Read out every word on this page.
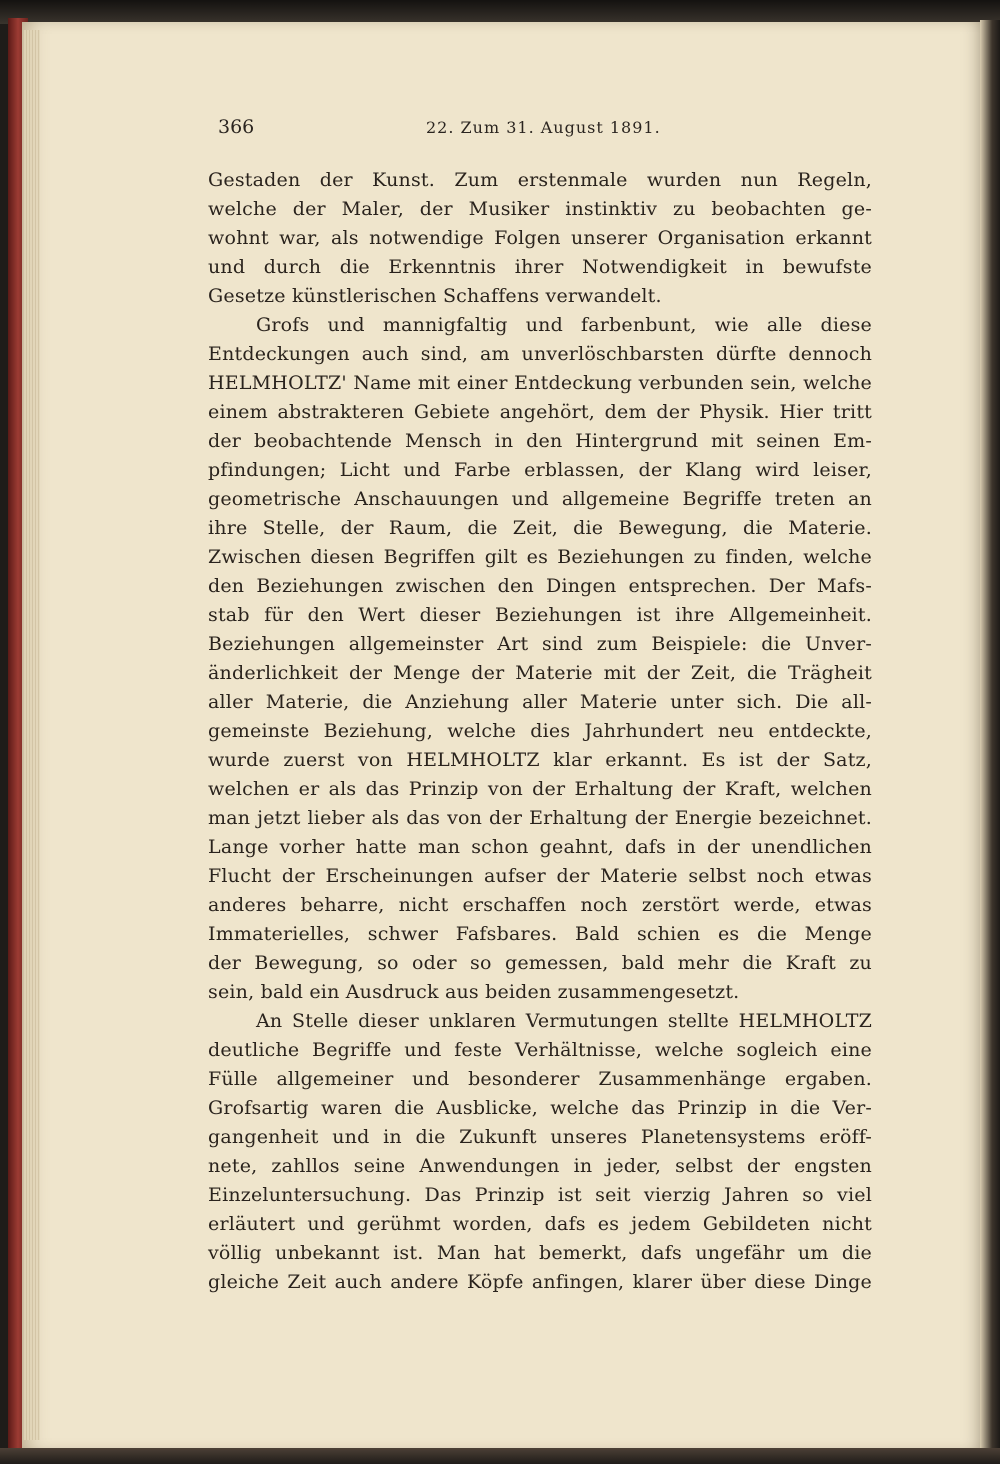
366	22. Zum 31. August 1891.
Gestaden der Kunst. Zum erstenmale wurden nun Regeln,
welche der Maler, der Musiker instinktiv zu beobachten ge-
wohnt war, als notwendige Folgen unserer Organisation erkannt
und durch die Erkenntnis ihrer Notwendigkeit in bewufste
Gesetze künstlerischen Schaffens verwandelt.
Grofs und mannigfaltig und farbenbunt, wie alle diese
Entdeckungen auch sind, am unverlöschbarsten dürfte dennoch
HELMHOLTZ' Name mit einer Entdeckung verbunden sein, welche
einem abstrakteren Gebiete angehört, dem der Physik. Hier tritt
der beobachtende Mensch in den Hintergrund mit seinen Em-
pfindungen; Licht und Farbe erblassen, der Klang wird leiser,
geometrische Anschauungen und allgemeine Begriffe treten an
ihre Stelle, der Raum, die Zeit, die Bewegung, die Materie.
Zwischen diesen Begriffen gilt es Beziehungen zu finden, welche
den Beziehungen zwischen den Dingen entsprechen. Der Mafs-
stab für den Wert dieser Beziehungen ist ihre Allgemeinheit.
Beziehungen allgemeinster Art sind zum Beispiele: die Unver-
änderlichkeit der Menge der Materie mit der Zeit, die Trägheit
aller Materie, die Anziehung aller Materie unter sich. Die all-
gemeinste Beziehung, welche dies Jahrhundert neu entdeckte,
wurde zuerst von HELMHOLTZ klar erkannt. Es ist der Satz,
welchen er als das Prinzip von der Erhaltung der Kraft, welchen
man jetzt lieber als das von der Erhaltung der Energie bezeichnet.
Lange vorher hatte man schon geahnt, dafs in der unendlichen
Flucht der Erscheinungen aufser der Materie selbst noch etwas
anderes beharre, nicht erschaffen noch zerstört werde, etwas
Immaterielles, schwer Fafsbares. Bald schien es die Menge
der Bewegung, so oder so gemessen, bald mehr die Kraft zu
sein, bald ein Ausdruck aus beiden zusammengesetzt.
An Stelle dieser unklaren Vermutungen stellte HELMHOLTZ
deutliche Begriffe und feste Verhältnisse, welche sogleich eine
Fülle allgemeiner und besonderer Zusammenhänge ergaben.
Grofsartig waren die Ausblicke, welche das Prinzip in die Ver-
gangenheit und in die Zukunft unseres Planetensystems eröff-
nete, zahllos seine Anwendungen in jeder, selbst der engsten
Einzeluntersuchung. Das Prinzip ist seit vierzig Jahren so viel
erläutert und gerühmt worden, dafs es jedem Gebildeten nicht
völlig unbekannt ist. Man hat bemerkt, dafs ungefähr um die
gleiche Zeit auch andere Köpfe anfingen, klarer über diese Dinge
